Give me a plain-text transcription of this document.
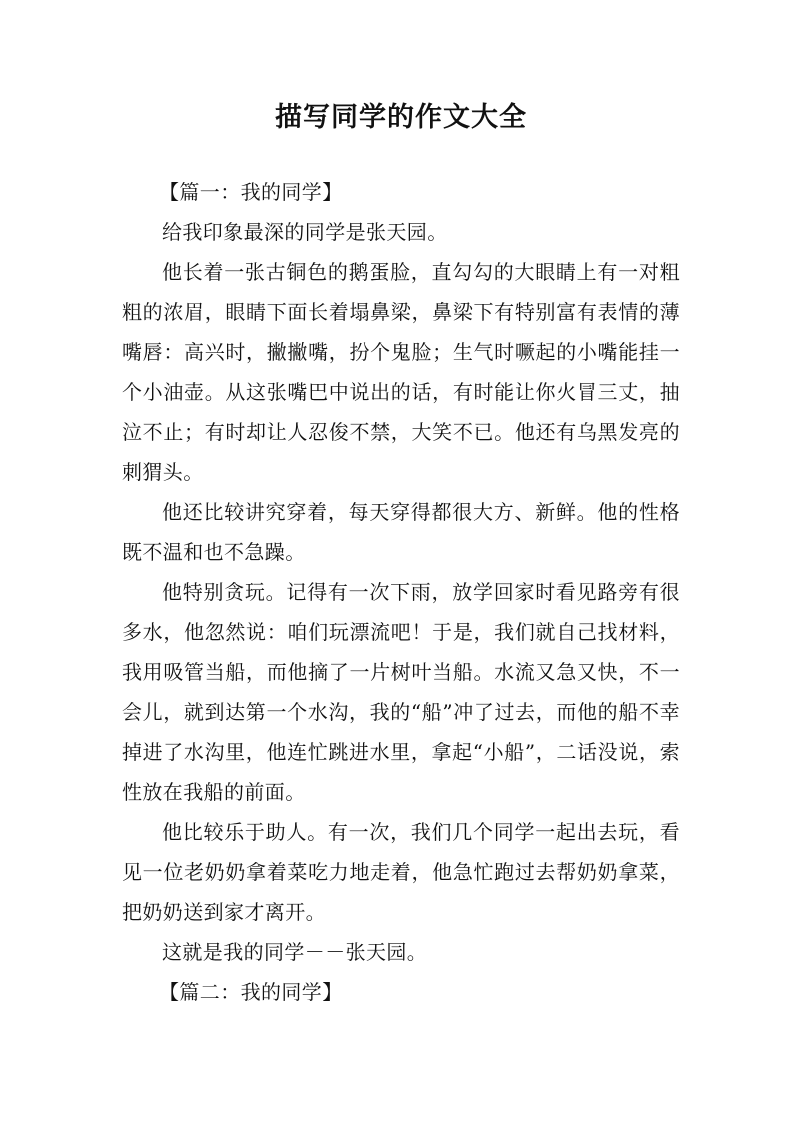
描写同学的作文大全

【篇一：我的同学】

给我印象最深的同学是张天园。

他长着一张古铜色的鹅蛋脸，直勾勾的大眼睛上有一对粗粗的浓眉，眼睛下面长着塌鼻梁，鼻梁下有特别富有表情的薄嘴唇：高兴时，撇撇嘴，扮个鬼脸；生气时噘起的小嘴能挂一个小油壶。从这张嘴巴中说出的话，有时能让你火冒三丈，抽泣不止；有时却让人忍俊不禁，大笑不已。他还有乌黑发亮的刺猬头。

他还比较讲究穿着，每天穿得都很大方、新鲜。他的性格既不温和也不急躁。

他特别贪玩。记得有一次下雨，放学回家时看见路旁有很多水，他忽然说：咱们玩漂流吧！于是，我们就自己找材料，我用吸管当船，而他摘了一片树叶当船。水流又急又快，不一会儿，就到达第一个水沟，我的“船”冲了过去，而他的船不幸掉进了水沟里，他连忙跳进水里，拿起“小船”，二话没说，索性放在我船的前面。

他比较乐于助人。有一次，我们几个同学一起出去玩，看见一位老奶奶拿着菜吃力地走着，他急忙跑过去帮奶奶拿菜，把奶奶送到家才离开。

这就是我的同学－－张天园。

【篇二：我的同学】
